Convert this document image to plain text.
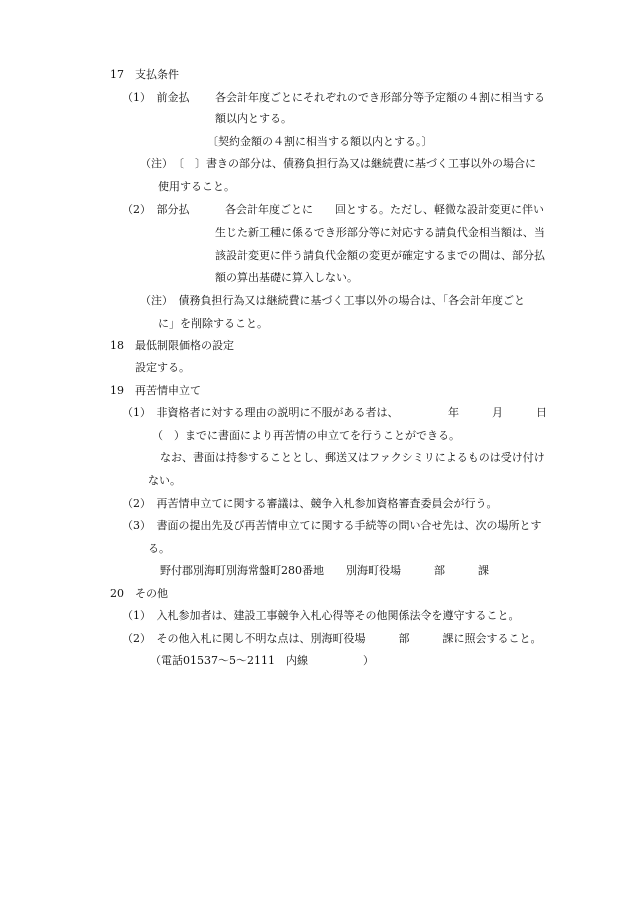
17　支払条件
（1）　前金払 各会計年度ごとにそれぞれのでき形部分等予定額の４割に相当する
額以内とする。
〔契約金額の４割に相当する額以内とする。〕
（注）　〔　〕書きの部分は、債務負担行為又は継続費に基づく工事以外の場合に
使用すること。
（2）　部分払	各会計年度ごとに　　回とする。ただし、軽微な設計変更に伴い
生じた新工種に係るでき形部分等に対応する請負代金相当額は、当
該設計変更に伴う請負代金額の変更が確定するまでの間は、部分払
額の算出基礎に算入しない。
（注）　債務負担行為又は継続費に基づく工事以外の場合は、「各会計年度ごと
に」を削除すること。
18　最低制限価格の設定
設定する。
19　再苦情申立て
（1）　非資格者に対する理由の説明に不服がある者は、　　　　　年　　　月　　　日
（　）までに書面により再苦情の申立てを行うことができる。
なお、書面は持参することとし、郵送又はファクシミリによるものは受け付け
ない。
（2）　再苦情申立てに関する審議は、競争入札参加資格審査委員会が行う。
（3）　書面の提出先及び再苦情申立てに関する手続等の問い合せ先は、次の場所とす
る。
野付郡別海町別海常盤町280番地　　別海町役場　　　部　　　課
20　その他
（1）　入札参加者は、建設工事競争入札心得等その他関係法令を遵守すること。
（2）　その他入札に関し不明な点は、別海町役場　　　部　　　課に照会すること。
（電話01537～5～2111　内線　　　　　）
